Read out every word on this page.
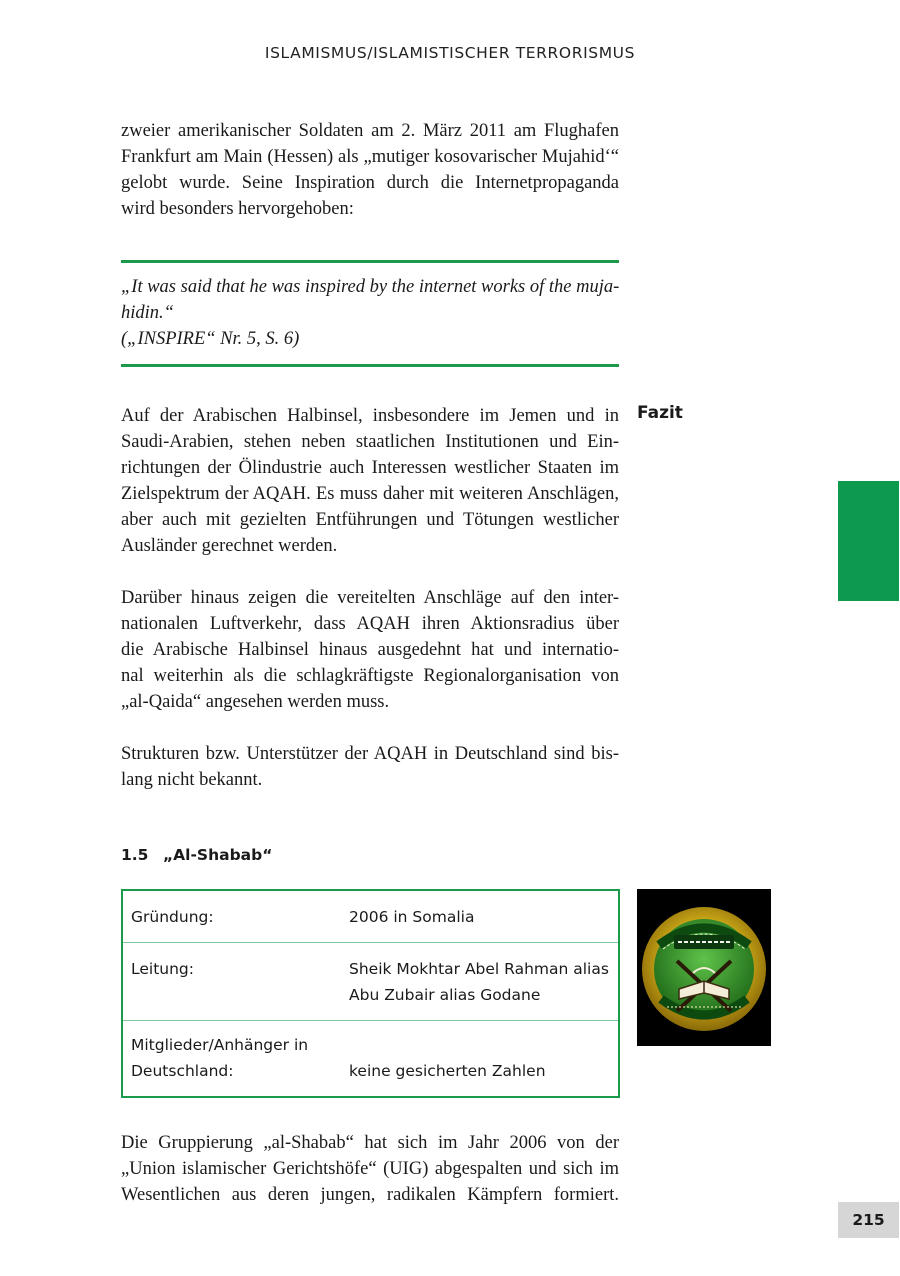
ISLAMISMUS/ISLAMISTISCHER TERRORISMUS
zweier amerikanischer Soldaten am 2. März 2011 am Flughafen
Frankfurt am Main (Hessen) als „mutiger kosovarischer Mujahid‘“
gelobt wurde. Seine Inspiration durch die Internetpropaganda
wird besonders hervorgehoben:
„It was said that he was inspired by the internet works of the muja-
hidin.“
(„INSPIRE“ Nr. 5, S. 6)
Fazit
Auf der Arabischen Halbinsel, insbesondere im Jemen und in
Saudi-Arabien, stehen neben staatlichen Institutionen und Ein-
richtungen der Ölindustrie auch Interessen westlicher Staaten im
Zielspektrum der AQAH. Es muss daher mit weiteren Anschlägen,
aber auch mit gezielten Entführungen und Tötungen westlicher
Ausländer gerechnet werden.
Darüber hinaus zeigen die vereitelten Anschläge auf den inter-
nationalen Luftverkehr, dass AQAH ihren Aktionsradius über
die Arabische Halbinsel hinaus ausgedehnt hat und internatio-
nal weiterhin als die schlagkräftigste Regionalorganisation von
„al-Qaida“ angesehen werden muss.
Strukturen bzw. Unterstützer der AQAH in Deutschland sind bis-
lang nicht bekannt.
1.5 „Al-Shabab“
Gründung:	2006 in Somalia
Leitung:	Sheik Mokhtar Abel Rahman alias
Abu Zubair alias Godane
Mitglieder/Anhänger in
Deutschland:	keine gesicherten Zahlen
Die Gruppierung „al-Shabab“ hat sich im Jahr 2006 von der
„Union islamischer Gerichtshöfe“ (UIG) abgespalten und sich im
Wesentlichen aus deren jungen, radikalen Kämpfern formiert.
215
